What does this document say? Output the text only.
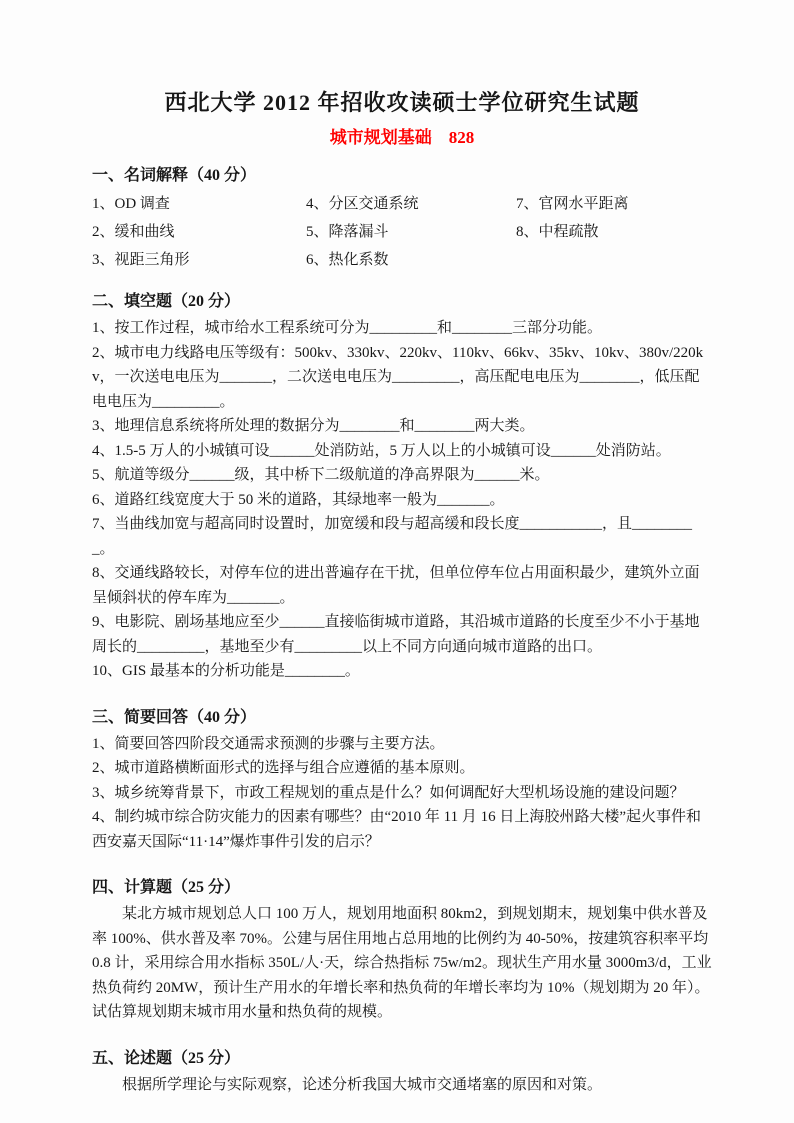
西北大学 2012 年招收攻读硕士学位研究生试题
城市规划基础　828
一、名词解释（40 分）
1、OD 调查
2、缓和曲线
3、视距三角形
4、分区交通系统
5、降落漏斗
6、热化系数
7、官网水平距离
8、中程疏散
二、填空题（20 分）

1、按工作过程，城市给水工程系统可分为_________和________三部分功能。

2、城市电力线路电压等级有：500kv、330kv、220kv、110kv、66kv、35kv、10kv、380v/220kv，一次送电电压为_______，二次送电电压为_________，高压配电电压为________，低压配电电压为_________。

3、地理信息系统将所处理的数据分为________和________两大类。

4、1.5-5 万人的小城镇可设______处消防站，5 万人以上的小城镇可设______处消防站。

5、航道等级分______级，其中桥下二级航道的净高界限为______米。

6、道路红线宽度大于 50 米的道路，其绿地率一般为_______。

7、当曲线加宽与超高同时设置时，加宽缓和段与超高缓和段长度___________，且_________。

8、交通线路较长，对停车位的进出普遍存在干扰，但单位停车位占用面积最少，建筑外立面呈倾斜状的停车库为_______。

9、电影院、剧场基地应至少______直接临街城市道路，其沿城市道路的长度至少不小于基地周长的_________，基地至少有_________以上不同方向通向城市道路的出口。

10、GIS 最基本的分析功能是________。

三、简要回答（40 分）

1、简要回答四阶段交通需求预测的步骤与主要方法。

2、城市道路横断面形式的选择与组合应遵循的基本原则。

3、城乡统筹背景下，市政工程规划的重点是什么？如何调配好大型机场设施的建设问题？

4、制约城市综合防灾能力的因素有哪些？由“2010 年 11 月 16 日上海胶州路大楼”起火事件和西安嘉天国际“11·14”爆炸事件引发的启示？

四、计算题（25 分）

某北方城市规划总人口 100 万人，规划用地面积 80km2，到规划期末，规划集中供水普及率 100%、供水普及率 70%。公建与居住用地占总用地的比例约为 40-50%，按建筑容积率平均 0.8 计，采用综合用水指标 350L/人·天，综合热指标 75w/m2。现状生产用水量 3000m3/d，工业热负荷约 20MW，预计生产用水的年增长率和热负荷的年增长率均为 10%（规划期为 20 年）。试估算规划期末城市用水量和热负荷的规模。

五、论述题（25 分）

根据所学理论与实际观察，论述分析我国大城市交通堵塞的原因和对策。
